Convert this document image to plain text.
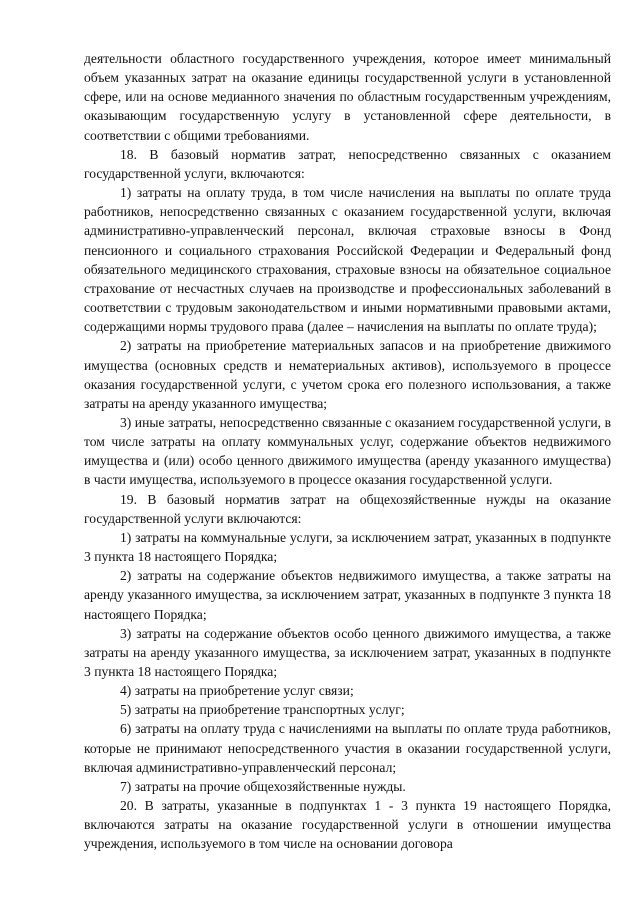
деятельности областного государственного учреждения, которое имеет минимальный объем указанных затрат на оказание единицы государственной услуги в установленной сфере, или на основе медианного значения по областным государственным учреждениям, оказывающим государственную услугу в установленной сфере деятельности, в соответствии с общими требованиями.

18. В базовый норматив затрат, непосредственно связанных с оказанием государственной услуги, включаются:

1) затраты на оплату труда, в том числе начисления на выплаты по оплате труда работников, непосредственно связанных с оказанием государственной услуги, включая административно-управленческий персонал, включая страховые взносы в Фонд пенсионного и социального страхования Российской Федерации и Федеральный фонд обязательного медицинского страхования, страховые взносы на обязательное социальное страхование от несчастных случаев на производстве и профессиональных заболеваний в соответствии с трудовым законодательством и иными нормативными правовыми актами, содержащими нормы трудового права (далее – начисления на выплаты по оплате труда);

2) затраты на приобретение материальных запасов и на приобретение движимого имущества (основных средств и нематериальных активов), используемого в процессе оказания государственной услуги, с учетом срока его полезного использования, а также затраты на аренду указанного имущества;

3) иные затраты, непосредственно связанные с оказанием государственной услуги, в том числе затраты на оплату коммунальных услуг, содержание объектов недвижимого имущества и (или) особо ценного движимого имущества (аренду указанного имущества) в части имущества, используемого в процессе оказания государственной услуги.

19. В базовый норматив затрат на общехозяйственные нужды на оказание государственной услуги включаются:

1) затраты на коммунальные услуги, за исключением затрат, указанных в подпункте 3 пункта 18 настоящего Порядка;

2) затраты на содержание объектов недвижимого имущества, а также затраты на аренду указанного имущества, за исключением затрат, указанных в подпункте 3 пункта 18 настоящего Порядка;

3) затраты на содержание объектов особо ценного движимого имущества, а также затраты на аренду указанного имущества, за исключением затрат, указанных в подпункте 3 пункта 18 настоящего Порядка;

4) затраты на приобретение услуг связи;

5) затраты на приобретение транспортных услуг;

6) затраты на оплату труда с начислениями на выплаты по оплате труда работников, которые не принимают непосредственного участия в оказании государственной услуги, включая административно-управленческий персонал;

7) затраты на прочие общехозяйственные нужды.

20. В затраты, указанные в подпунктах 1 - 3 пункта 19 настоящего Порядка, включаются затраты на оказание государственной услуги в отношении имущества учреждения, используемого в том числе на основании договора
